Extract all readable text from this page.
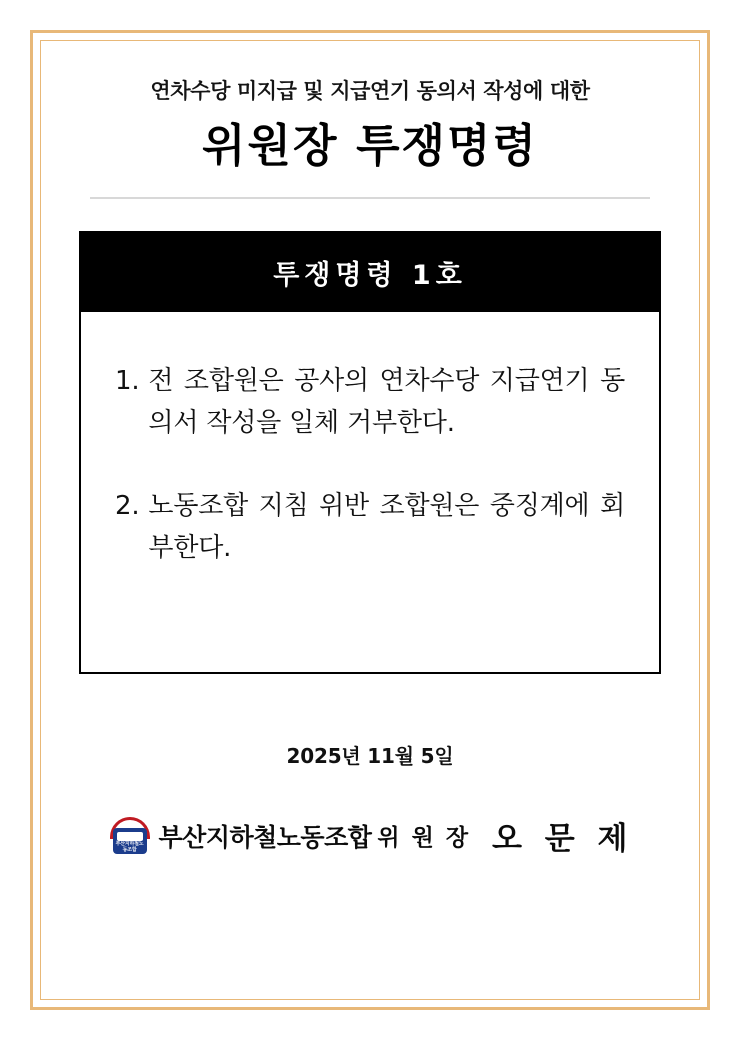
연차수당 미지급 및 지급연기 동의서 작성에 대한
위원장 투쟁명령
투쟁명령 1호
1. 전 조합원은 공사의 연차수당 지급연기 동의서 작성을 일체 거부한다.
2. 노동조합 지침 위반 조합원은 중징계에 회부한다.
2025년 11월 5일
부산지하철노동조합 부산지하철노동조합 위 원 장 오 문 제
